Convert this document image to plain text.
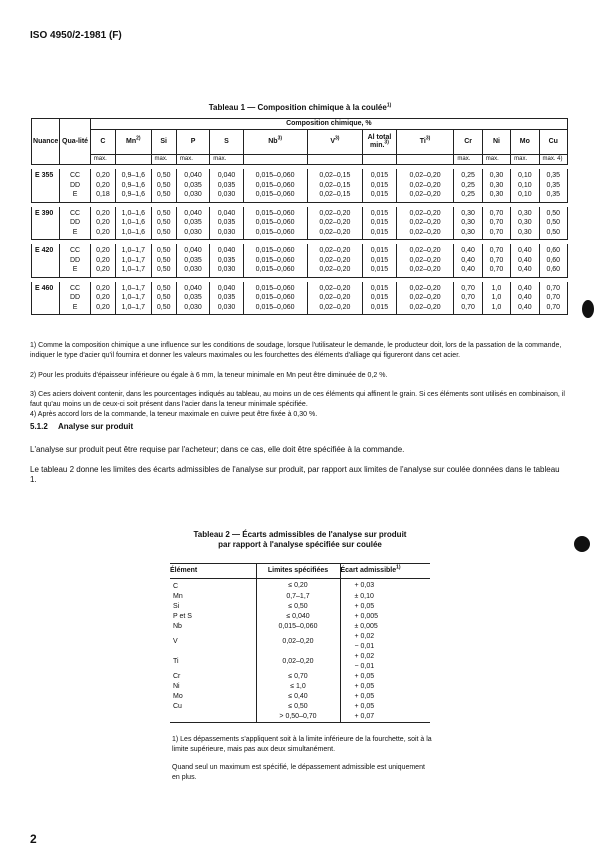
ISO 4950/2-1981 (F)
Tableau 1 — Composition chimique à la coulée$^{1)}$
Nuance	Qua-lité	Composition chimique, %												
		C	Mn$^{2)}$	Si	P	S	Nb$^{3)}$	$V^{3)}$	Al total min.$^{3)}$	Ti$^{3)}$	Cr	Ni	Mo	Cu
		max.		max.	max.	max.					max.	max.	max.	max. 4)

E 355	CC	0,20	0,9–1,6	0,50	0,040	0,040	0,015–0,060	0,02–0,15	0,015	0,02–0,20	0,25	0,30	0,10	0,35
	DD	0,20	0,9–1,6	0,50	0,035	0,035	0,015–0,060	0,02–0,15	0,015	0,02–0,20	0,25	0,30	0,10	0,35
	E	0,18	0,9–1,6	0,50	0,030	0,030	0,015–0,060	0,02–0,15	0,015	0,02–0,20	0,25	0,30	0,10	0,35

E 390	CC	0,20	1,0–1,6	0,50	0,040	0,040	0,015–0,060	0,02–0,20	0,015	0,02–0,20	0,30	0,70	0,30	0,50
	DD	0,20	1,0–1,6	0,50	0,035	0,035	0,015–0,060	0,02–0,20	0,015	0,02–0,20	0,30	0,70	0,30	0,50
	E	0,20	1,0–1,6	0,50	0,030	0,030	0,015–0,060	0,02–0,20	0,015	0,02–0,20	0,30	0,70	0,30	0,50

E 420	CC	0,20	1,0–1,7	0,50	0,040	0,040	0,015–0,060	0,02–0,20	0,015	0,02–0,20	0,40	0,70	0,40	0,60
	DD	0,20	1,0–1,7	0,50	0,035	0,035	0,015–0,060	0,02–0,20	0,015	0,02–0,20	0,40	0,70	0,40	0,60
	E	0,20	1,0–1,7	0,50	0,030	0,030	0,015–0,060	0,02–0,20	0,015	0,02–0,20	0,40	0,70	0,40	0,60

E 460	CC	0,20	1,0–1,7	0,50	0,040	0,040	0,015–0,060	0,02–0,20	0,015	0,02–0,20	0,70	1,0	0,40	0,70
	DD	0,20	1,0–1,7	0,50	0,035	0,035	0,015–0,060	0,02–0,20	0,015	0,02–0,20	0,70	1,0	0,40	0,70
	E	0,20	1,0–1,7	0,50	0,030	0,030	0,015–0,060	0,02–0,20	0,015	0,02–0,20	0,70	1,0	0,40	0,70
1) Comme la composition chimique a une influence sur les conditions de soudage, lorsque l'utilisateur le demande, le producteur doit, lors de la passation de la commande, indiquer le type d'acier qu'il fournira et donner les valeurs maximales ou les fourchettes des éléments d'alliage qui figureront dans cet acier.
2) Pour les produits d'épaisseur inférieure ou égale à 6 mm, la teneur minimale en Mn peut être diminuée de 0,2 %.
3) Ces aciers doivent contenir, dans les pourcentages indiqués au tableau, au moins un de ces éléments qui affinent le grain. Si ces éléments sont utilisés en combinaison, il faut qu'au moins un de ceux-ci soit présent dans l'acier dans la teneur minimale spécifiée.
4) Après accord lors de la commande, la teneur maximale en cuivre peut être fixée à 0,30 %.
5.1.2 Analyse sur produit
L'analyse sur produit peut être requise par l'acheteur; dans ce cas, elle doit être spécifiée à la commande.
Le tableau 2 donne les limites des écarts admissibles de l'analyse sur produit, par rapport aux limites de l'analyse sur coulée données dans le tableau 1.
Tableau 2 — Écarts admissibles de l'analyse sur produit
par rapport à l'analyse spécifiée sur coulée
Élément	Limites spécifiées	Écart admissible$^{1)}$
C	≤ 0,20	+ 0,03

Mn	0,7–1,7	± 0,10

Si	≤ 0,50	+ 0,05

P et S	≤ 0,040	+ 0,005

Nb	0,015–0,060	± 0,005

V	0,02–0,20	+ 0,02
− 0,01

Ti	0,02–0,20	+ 0,02
− 0,01

Cr	≤ 0,70	+ 0,05

Ni	≤ 1,0	+ 0,05

Mo	≤ 0,40	+ 0,05

Cu	≤ 0,50	+ 0,05

	> 0,50–0,70	+ 0,07
1) Les dépassements s'appliquent soit à la limite inférieure de la fourchette, soit à la limite supérieure, mais pas aux deux simultanément.
Quand seul un maximum est spécifié, le dépassement admissible est uniquement en plus.
2
